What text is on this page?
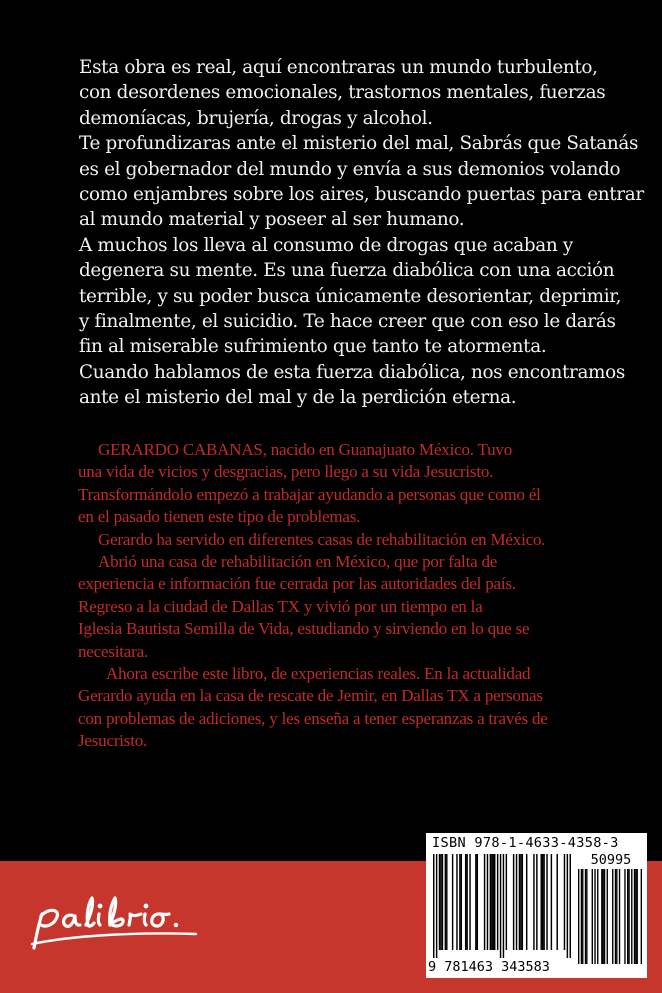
Esta obra es real, aquí encontraras un mundo turbulento,

con desordenes emocionales, trastornos mentales, fuerzas

demoníacas, brujería, drogas y alcohol.

Te profundizaras ante el misterio del mal, Sabrás que Satanás

es el gobernador del mundo y envía a sus demonios volando

como enjambres sobre los aires, buscando puertas para entrar

al mundo material y poseer al ser humano.

A muchos los lleva al consumo de drogas que acaban y

degenera su mente. Es una fuerza diabólica con una acción

terrible, y su poder busca únicamente desorientar, deprimir,

y finalmente, el suicidio. Te hace creer que con eso le darás

fin al miserable sufrimiento que tanto te atormenta.

Cuando hablamos de esta fuerza diabólica, nos encontramos

ante el misterio del mal y de la perdición eterna.

GERARDO CABANAS, nacido en Guanajuato México. Tuvo

una vida de vicios y desgracias, pero llego a su vida Jesucristo.

Transformándolo empezó a trabajar ayudando a personas que como él

en el pasado tienen este tipo de problemas.

Gerardo ha servido en diferentes casas de rehabilitación en México.

Abrió una casa de rehabilitación en México, que por falta de

experiencia e información fue cerrada por las autoridades del país.

Regreso a la ciudad de Dallas TX y vivió por un tiempo en la

Iglesia Bautista Semilla de Vida, estudiando y sirviendo en lo que se

necesitara.

Ahora escribe este libro, de experiencias reales. En la actualidad

Gerardo ayuda en la casa de rescate de Jemir, en Dallas TX a personas

con problemas de adiciones, y les enseña a tener esperanzas a través de

Jesucristo.

ISBN 978-1-4633-4358-3
50995
9 781463 343583
